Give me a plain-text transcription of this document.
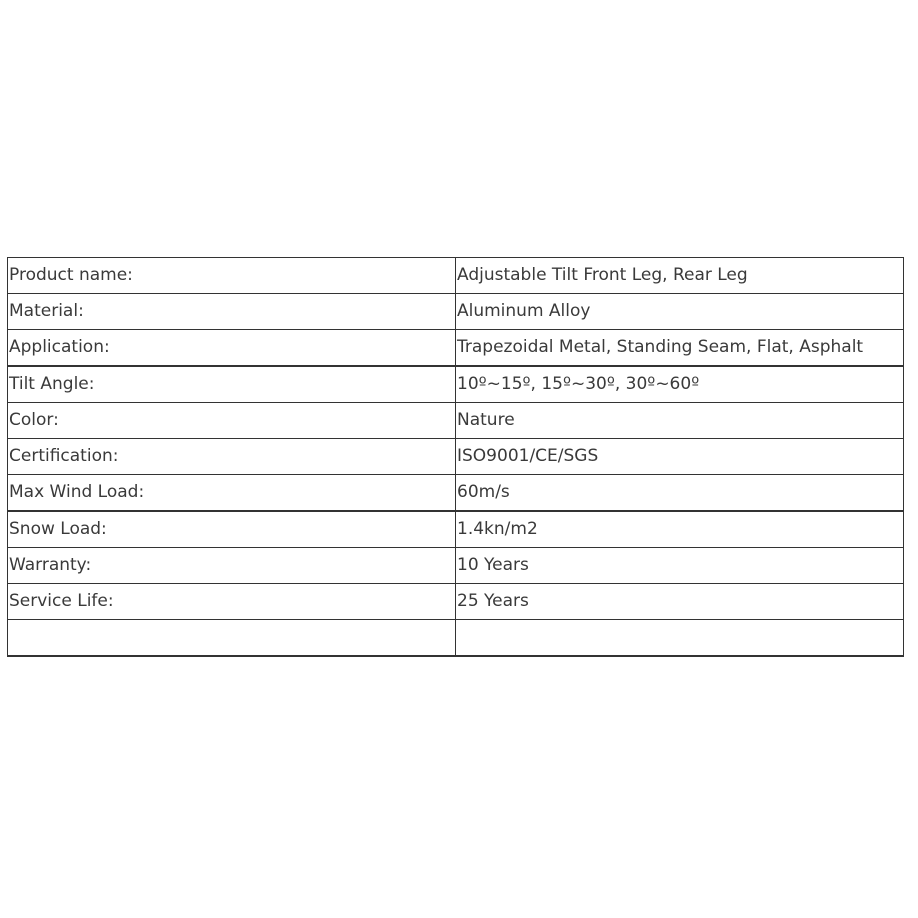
Product name:	Adjustable Tilt Front Leg, Rear Leg
Material:	Aluminum Alloy
Application:	Trapezoidal Metal, Standing Seam, Flat, Asphalt
Tilt Angle:	10º~15º, 15º~30º, 30º~60º
Color:	Nature
Certification:	ISO9001/CE/SGS
Max Wind Load:	60m/s
Snow Load:	1.4kn/m2
Warranty:	10 Years
Service Life:	25 Years
